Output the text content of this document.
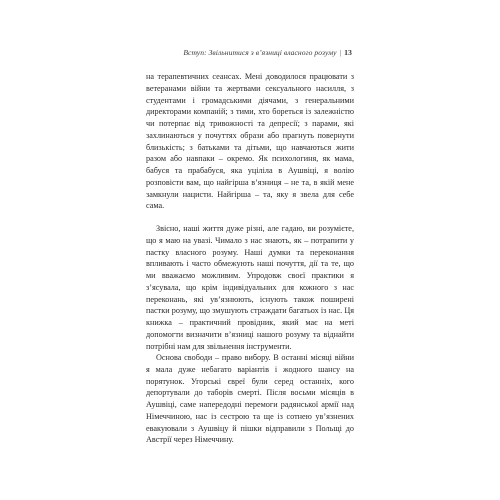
Вступ: Звільнитися з в’язниці власного розуму | 13

на терапевтичних сеансах. Мені доводилося працювати з ветеранами війни та жертвами сексуального насилля, з студентами і громадськими діячами, з генеральними директорами компаній; з тими, хто бореться із залежністю чи потерпає від тривожності та депресії; з парами, які захлинаються у почуттях образи або прагнуть повернути близькість; з батьками та дітьми, що навчаються жити разом або навпаки – окремо. Як психологиня, як мама, бабуся та прабабуся, яка уціліла в Аушвіці, я волію розповісти вам, що найгірша в’язниця – не та, в якій мене замкнули нацисти. Найгірша – та, яку я звела для себе сама.

Звісно, наші життя дуже різні, але гадаю, ви розумієте, що я маю на увазі. Чимало з нас знають, як – потрапити у пастку власного розуму. Наші думки та переконання впливають і часто обмежують наші почуття, дії та те, що ми вважаємо можливим. Упродовж своєї практики я з’ясувала, що крім індивідуальних для кожного з нас переконань, які ув’язнюють, існують також поширені пастки розуму, що змушують страждати багатьох із нас. Ця книжка – практичний провідник, який має на меті допомогти визначити в’язниці нашого розуму та віднайти потрібні нам для звільнення інструменти.

Основа свободи – право вибору. В останні місяці війни я мала дуже небагато варіантів і жодного шансу на порятунок. Угорські євреї були серед останніх, кого депортували до таборів смерті. Після восьми місяців в Аушвіці, саме напередодні перемоги радянської армії над Німеччиною, нас із сестрою та ще із сотнею ув’язнених евакуювали з Аушвіцу й пішки відправили з Польщі до Австрії через Німеччину.
